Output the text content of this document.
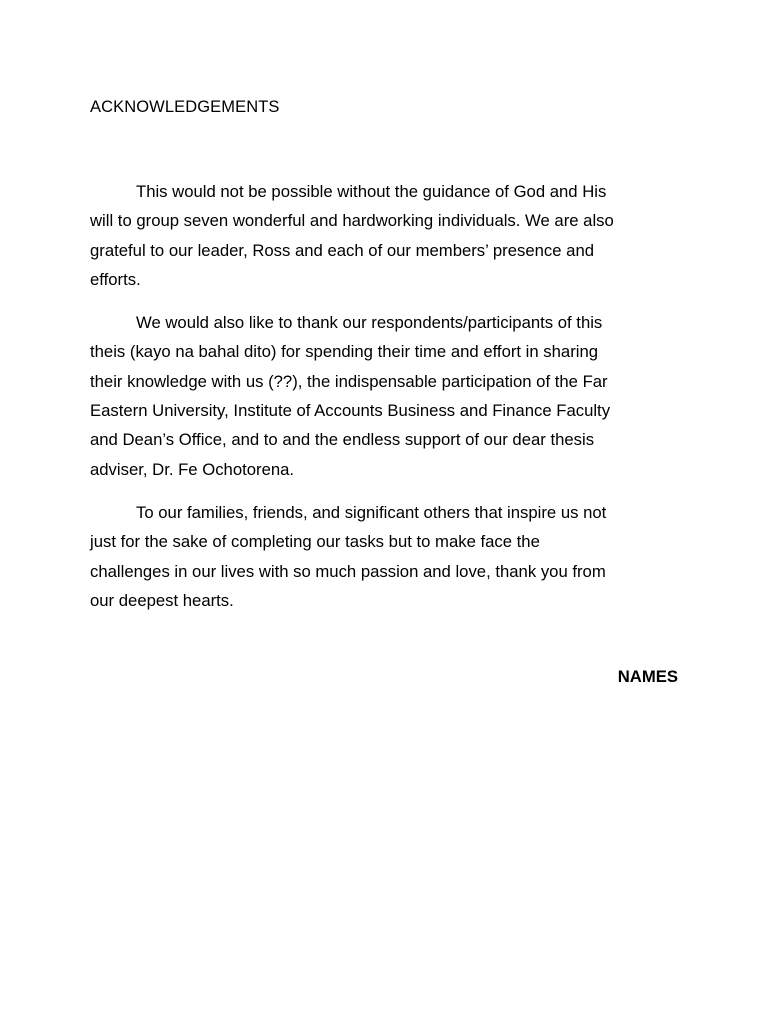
ACKNOWLEDGEMENTS

This would not be possible without the guidance of God and His
will to group seven wonderful and hardworking individuals. We are also
grateful to our leader, Ross and each of our members’ presence and
efforts.

We would also like to thank our respondents/participants of this
theis (kayo na bahal dito) for spending their time and effort in sharing
their knowledge with us (??), the indispensable participation of the Far
Eastern University, Institute of Accounts Business and Finance Faculty
and Dean’s Office, and to and the endless support of our dear thesis
adviser, Dr. Fe Ochotorena.

To our families, friends, and significant others that inspire us not
just for the sake of completing our tasks but to make face the
challenges in our lives with so much passion and love, thank you from
our deepest hearts.

NAMES
